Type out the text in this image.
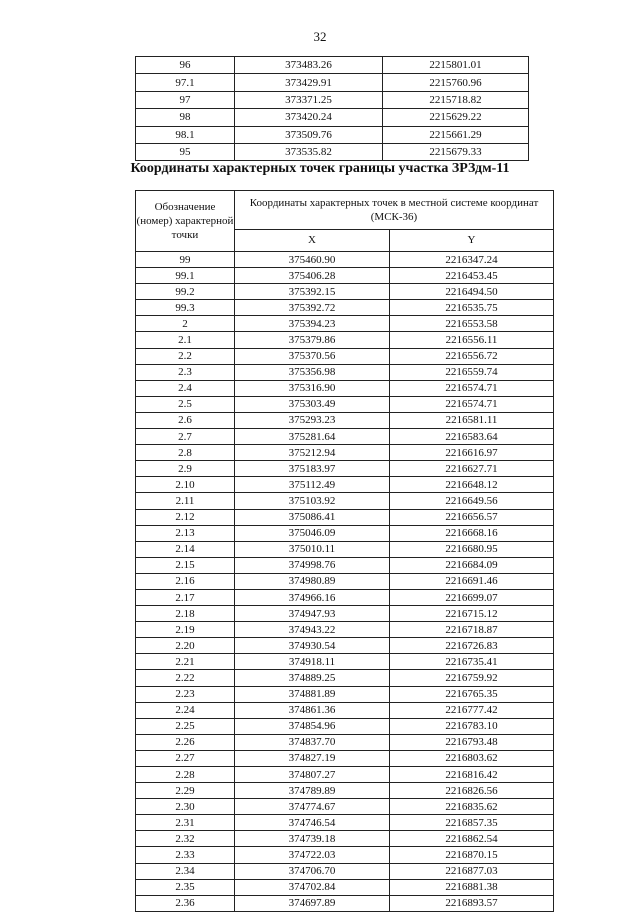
32
96	373483.26	2215801.01
97.1	373429.91	2215760.96
97	373371.25	2215718.82
98	373420.24	2215629.22
98.1	373509.76	2215661.29
95	373535.82	2215679.33
Координаты характерных точек границы участка ЗРЗдм-11
Обозначение (номер) характерной точки	Координаты характерных точек в местной системе координат (МСК-36)	
	X	Y
99	375460.90	2216347.24
99.1	375406.28	2216453.45
99.2	375392.15	2216494.50
99.3	375392.72	2216535.75
2	375394.23	2216553.58
2.1	375379.86	2216556.11
2.2	375370.56	2216556.72
2.3	375356.98	2216559.74
2.4	375316.90	2216574.71
2.5	375303.49	2216574.71
2.6	375293.23	2216581.11
2.7	375281.64	2216583.64
2.8	375212.94	2216616.97
2.9	375183.97	2216627.71
2.10	375112.49	2216648.12
2.11	375103.92	2216649.56
2.12	375086.41	2216656.57
2.13	375046.09	2216668.16
2.14	375010.11	2216680.95
2.15	374998.76	2216684.09
2.16	374980.89	2216691.46
2.17	374966.16	2216699.07
2.18	374947.93	2216715.12
2.19	374943.22	2216718.87
2.20	374930.54	2216726.83
2.21	374918.11	2216735.41
2.22	374889.25	2216759.92
2.23	374881.89	2216765.35
2.24	374861.36	2216777.42
2.25	374854.96	2216783.10
2.26	374837.70	2216793.48
2.27	374827.19	2216803.62
2.28	374807.27	2216816.42
2.29	374789.89	2216826.56
2.30	374774.67	2216835.62
2.31	374746.54	2216857.35
2.32	374739.18	2216862.54
2.33	374722.03	2216870.15
2.34	374706.70	2216877.03
2.35	374702.84	2216881.38
2.36	374697.89	2216893.57
